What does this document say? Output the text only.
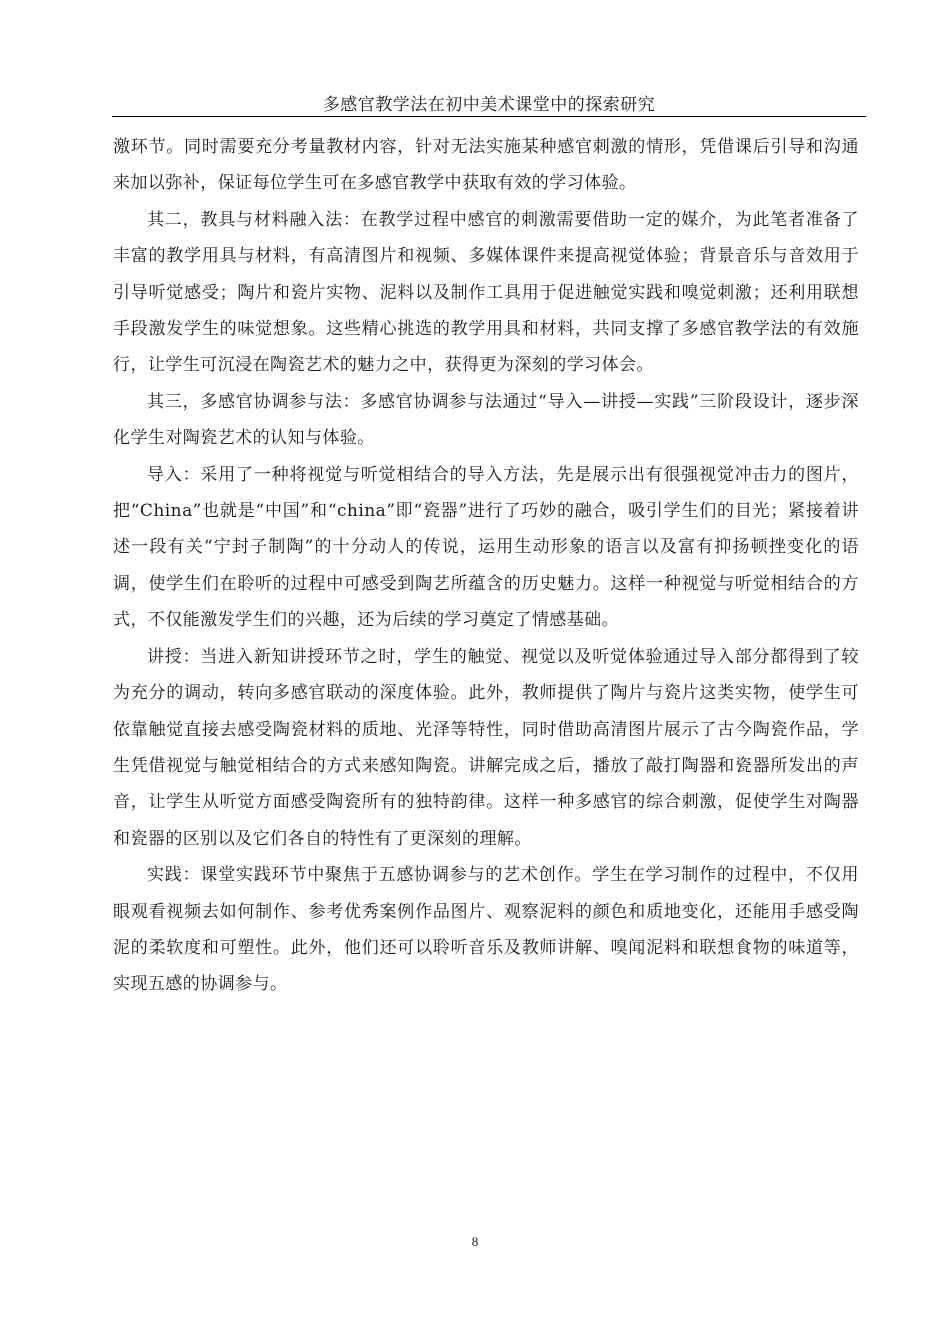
多感官教学法在初中美术课堂中的探索研究

激环节。同时需要充分考量教材内容，针对无法实施某种感官刺激的情形，凭借课后引导和沟通来加以弥补，保证每位学生可在多感官教学中获取有效的学习体验。

其二，教具与材料融入法：在教学过程中感官的刺激需要借助一定的媒介，为此笔者准备了丰富的教学用具与材料，有高清图片和视频、多媒体课件来提高视觉体验；背景音乐与音效用于引导听觉感受；陶片和瓷片实物、泥料以及制作工具用于促进触觉实践和嗅觉刺激；还利用联想手段激发学生的味觉想象。这些精心挑选的教学用具和材料，共同支撑了多感官教学法的有效施行，让学生可沉浸在陶瓷艺术的魅力之中，获得更为深刻的学习体会。

其三，多感官协调参与法：多感官协调参与法通过“导入—讲授—实践”三阶段设计，逐步深化学生对陶瓷艺术的认知与体验。

导入：采用了一种将视觉与听觉相结合的导入方法，先是展示出有很强视觉冲击力的图片，把“China”也就是“中国”和“china”即“瓷器”进行了巧妙的融合，吸引学生们的目光；紧接着讲述一段有关“宁封子制陶”的十分动人的传说，运用生动形象的语言以及富有抑扬顿挫变化的语调，使学生们在聆听的过程中可感受到陶艺所蕴含的历史魅力。这样一种视觉与听觉相结合的方式，不仅能激发学生们的兴趣，还为后续的学习奠定了情感基础。

讲授：当进入新知讲授环节之时，学生的触觉、视觉以及听觉体验通过导入部分都得到了较为充分的调动，转向多感官联动的深度体验。此外，教师提供了陶片与瓷片这类实物，使学生可依靠触觉直接去感受陶瓷材料的质地、光泽等特性，同时借助高清图片展示了古今陶瓷作品，学生凭借视觉与触觉相结合的方式来感知陶瓷。讲解完成之后，播放了敲打陶器和瓷器所发出的声音，让学生从听觉方面感受陶瓷所有的独特韵律。这样一种多感官的综合刺激，促使学生对陶器和瓷器的区别以及它们各自的特性有了更深刻的理解。

实践：课堂实践环节中聚焦于五感协调参与的艺术创作。学生在学习制作的过程中，不仅用眼观看视频去如何制作、参考优秀案例作品图片、观察泥料的颜色和质地变化，还能用手感受陶泥的柔软度和可塑性。此外，他们还可以聆听音乐及教师讲解、嗅闻泥料和联想食物的味道等，实现五感的协调参与。

8
